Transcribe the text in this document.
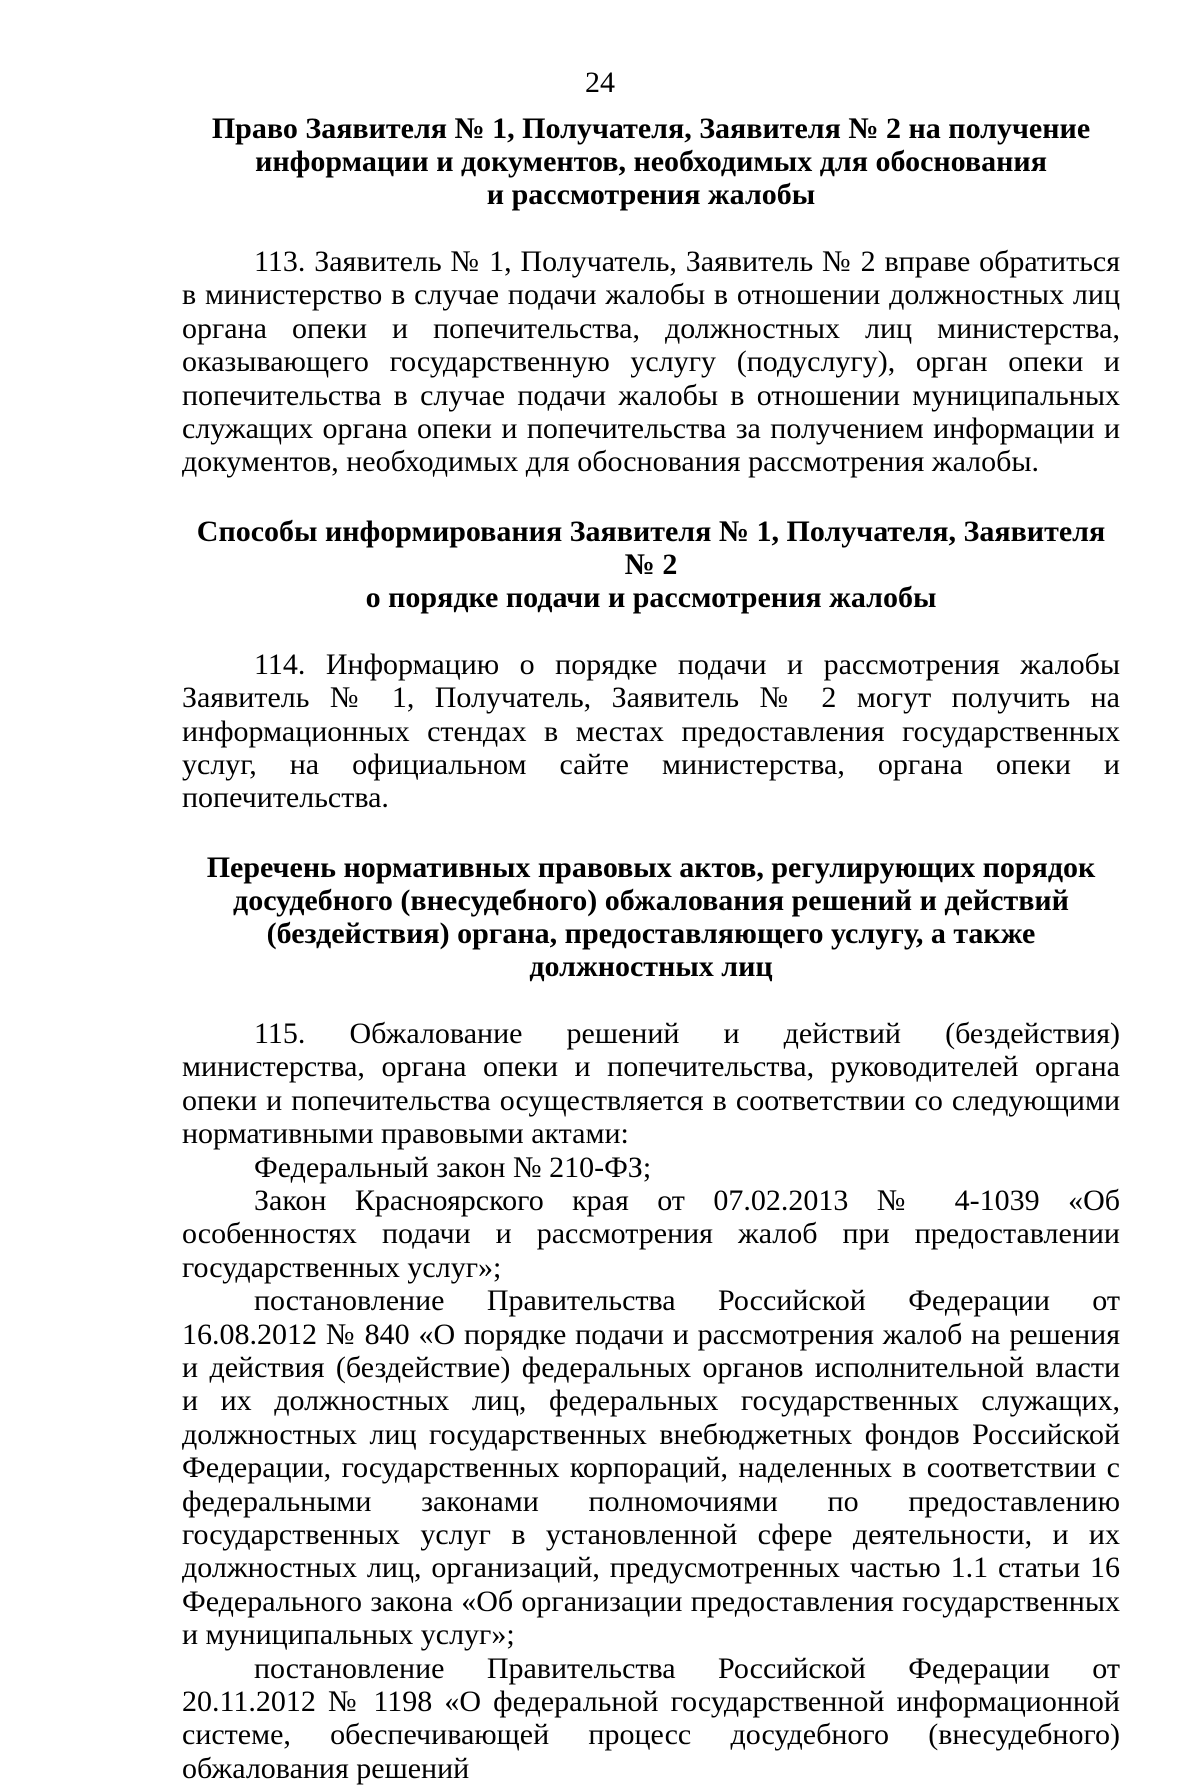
24
Право Заявителя № 1, Получателя, Заявителя № 2 на получение
информации и документов, необходимых для обоснования
и рассмотрения жалобы

113. Заявитель № 1, Получатель, Заявитель № 2 вправе обратиться в министерство в случае подачи жалобы в отношении должностных лиц органа опеки и попечительства, должностных лиц министерства, оказывающего государственную услугу (подуслугу), орган опеки и попечительства в случае подачи жалобы в отношении муниципальных служащих органа опеки и попечительства за получением информации и документов, необходимых для обоснования рассмотрения жалобы.

Способы информирования Заявителя № 1, Получателя, Заявителя № 2
о порядке подачи и рассмотрения жалобы

114. Информацию о порядке подачи и рассмотрения жалобы Заявитель № 1, Получатель, Заявитель № 2 могут получить на информационных стендах в местах предоставления государственных услуг, на официальном сайте министерства, органа опеки и попечительства.

Перечень нормативных правовых актов, регулирующих порядок
досудебного (внесудебного) обжалования решений и действий
(бездействия) органа, предоставляющего услугу, а также
должностных лиц

115. Обжалование решений и действий (бездействия) министерства, органа опеки и попечительства, руководителей органа опеки и попечительства осуществляется в соответствии со следующими нормативными правовыми актами:

Федеральный закон № 210-ФЗ;

Закон Красноярского края от 07.02.2013 № 4-1039 «Об особенностях подачи и рассмотрения жалоб при предоставлении государственных услуг»;

постановление Правительства Российской Федерации от 16.08.2012 № 840 «О порядке подачи и рассмотрения жалоб на решения и действия (бездействие) федеральных органов исполнительной власти и их должностных лиц, федеральных государственных служащих, должностных лиц государственных внебюджетных фондов Российской Федерации, государственных корпораций, наделенных в соответствии с федеральными законами полномочиями по предоставлению государственных услуг в установленной сфере деятельности, и их должностных лиц, организаций, предусмотренных частью 1.1 статьи 16 Федерального закона «Об организации предоставления государственных и муниципальных услуг»;

постановление Правительства Российской Федерации от 20.11.2012 № 1198 «О федеральной государственной информационной системе, обеспечивающей процесс досудебного (внесудебного) обжалования решений
